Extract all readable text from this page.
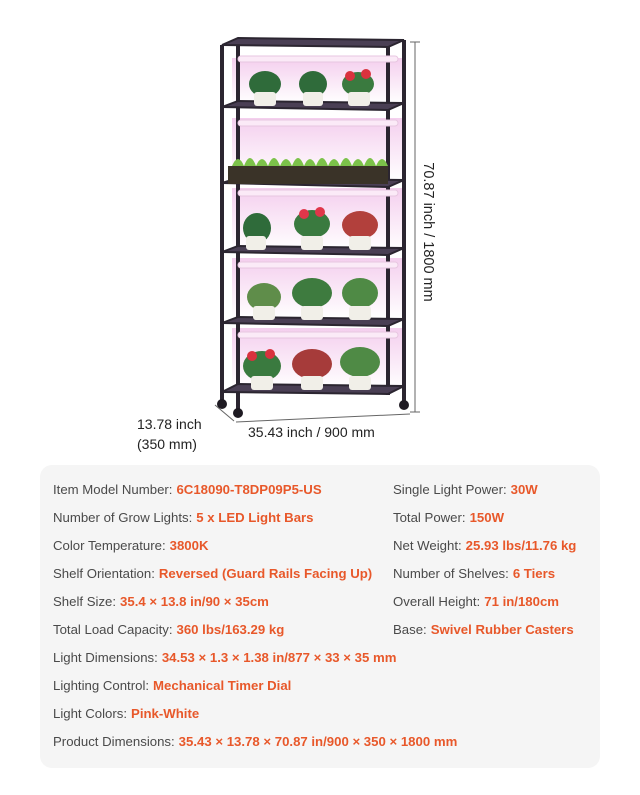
70.87 inch / 1800 mm
13.78 inch
(350 mm)
35.43 inch / 900 mm
Item Model Number: 6C18090-T8DP09P5-US
Number of Grow Lights: 5 x LED Light Bars
Color Temperature: 3800K
Shelf Orientation: Reversed (Guard Rails Facing Up)
Shelf Size: 35.4 × 13.8 in/90 × 35cm
Total Load Capacity: 360 lbs/163.29 kg
Light Dimensions: 34.53 × 1.3 × 1.38 in/877 × 33 × 35 mm
Lighting Control: Mechanical Timer Dial
Light Colors: Pink-White
Product Dimensions: 35.43 × 13.78 × 70.87 in/900 × 350 × 1800 mm
Single Light Power: 30W
Total Power: 150W
Net Weight: 25.93 lbs/11.76 kg
Number of Shelves: 6 Tiers
Overall Height: 71 in/180cm
Base: Swivel Rubber Casters
